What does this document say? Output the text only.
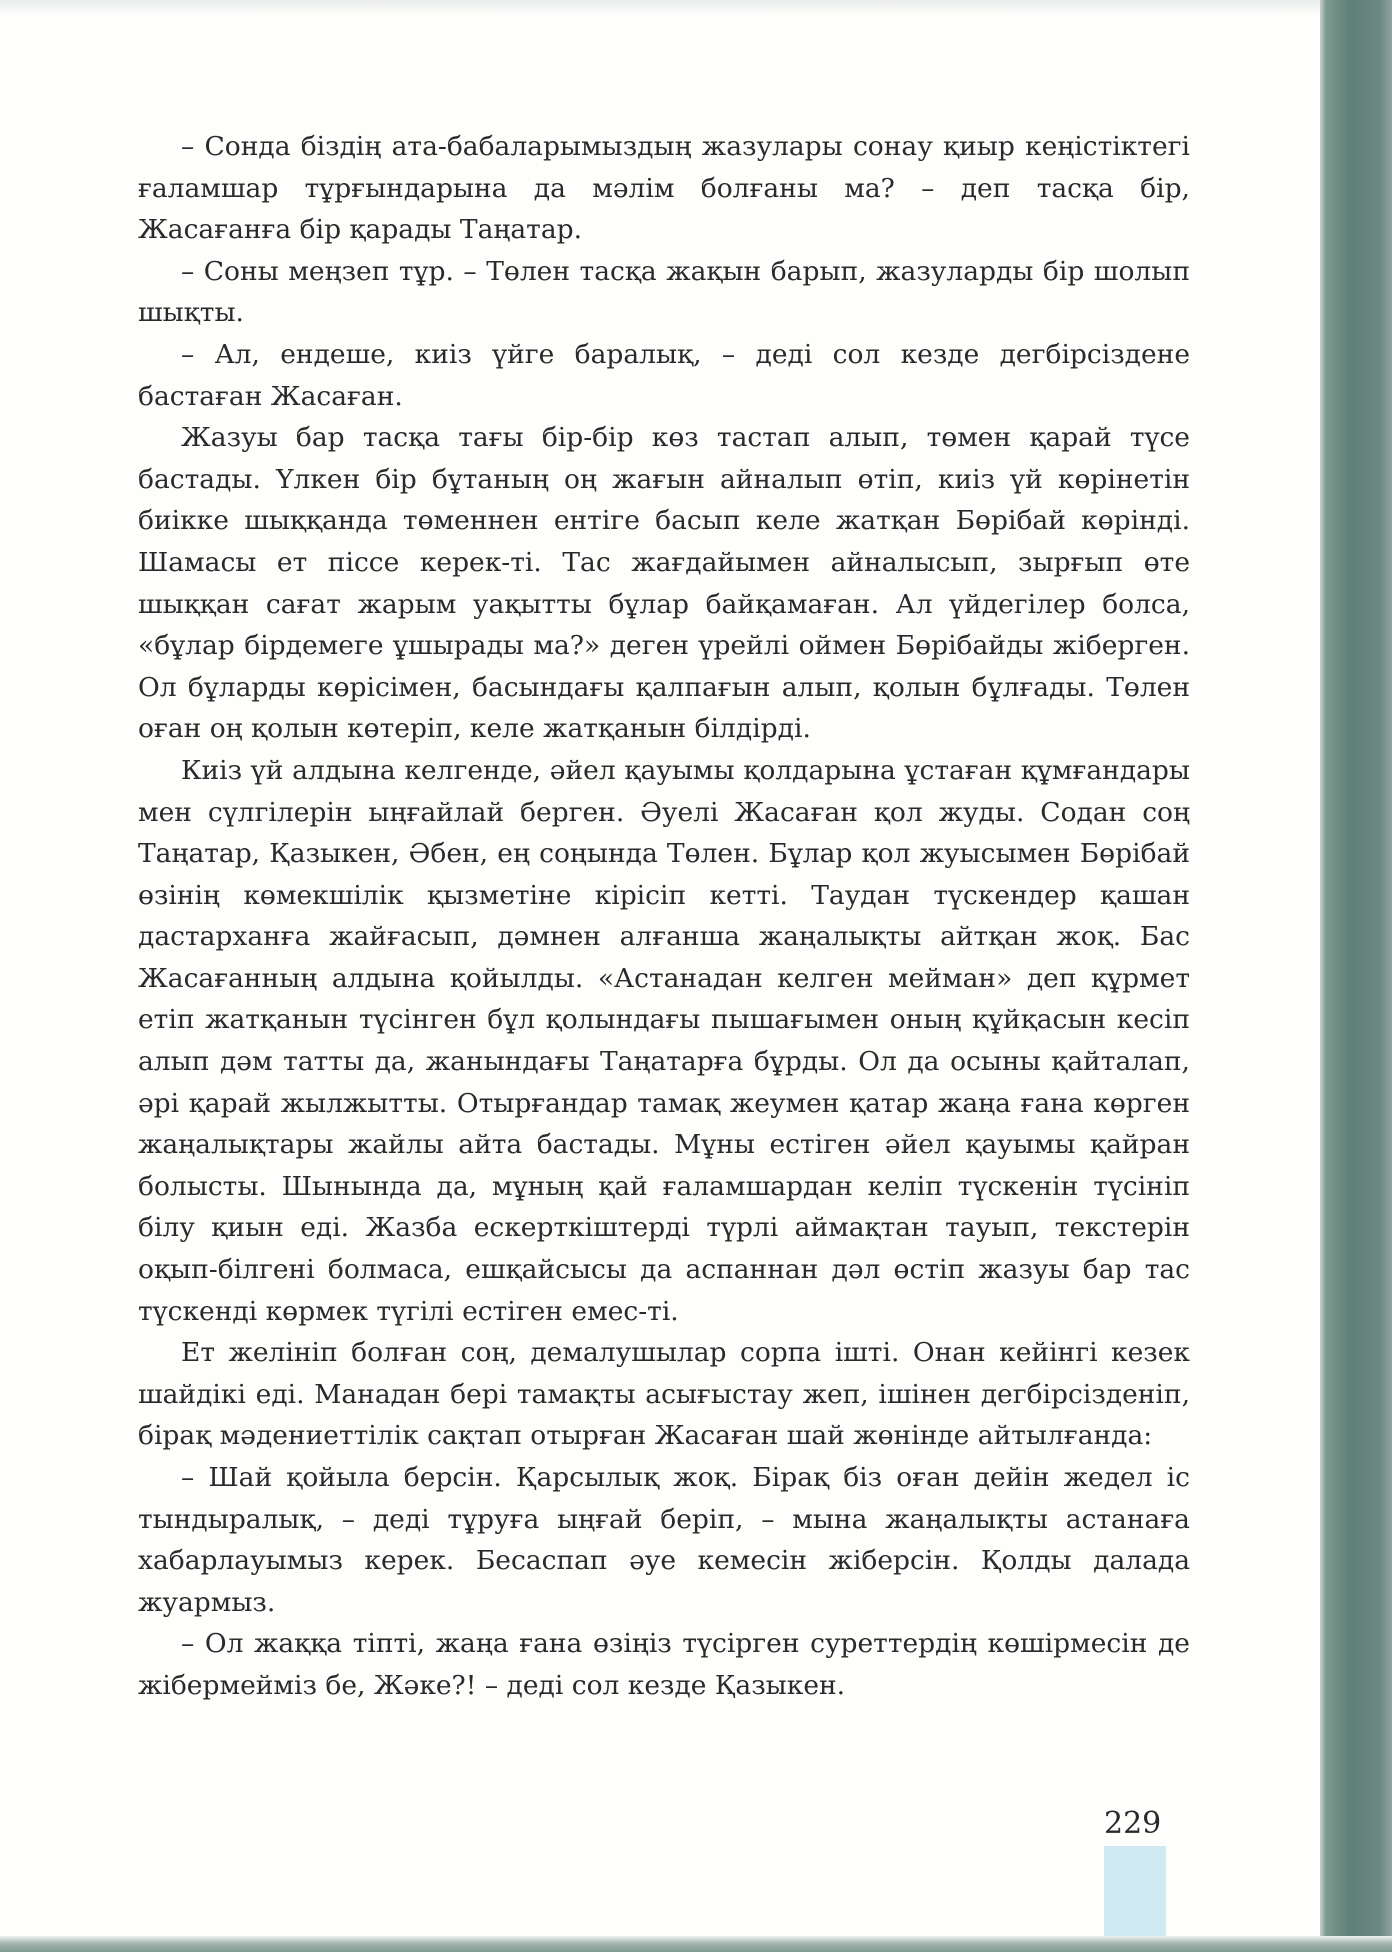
– Сонда біздің ата-бабаларымыздың жазулары сонау қиыр кеңістіктегі ғаламшар тұрғындарына да мәлім болғаны ма? – деп тасқа бір, Жасағанға бір қарады Таңатар.

– Соны меңзеп тұр. – Төлен тасқа жақын барып, жазуларды бір шолып шықты.

– Ал, ендеше, киіз үйге баралық, – деді сол кезде дегбірсіздене бастаған Жасаған.

Жазуы бар тасқа тағы бір-бір көз тастап алып, төмен қарай түсе бастады. Үлкен бір бұтаның оң жағын айналып өтіп, киіз үй көрінетін биікке шыққанда төменнен ентіге басып келе жатқан Бөрібай көрінді. Шамасы ет піссе керек-ті. Тас жағдайымен айналысып, зырғып өте шыққан сағат жарым уақытты бұлар байқамаған. Ал үйдегілер болса, «бұлар бірдемеге ұшырады ма?» деген үрейлі оймен Бөрібайды жіберген. Ол бұларды көрісімен, басындағы қалпағын алып, қолын бұлғады. Төлен оған оң қолын көтеріп, келе жатқанын білдірді.

Киіз үй алдына келгенде, әйел қауымы қолдарына ұстаған құмғандары мен сүлгілерін ыңғайлай берген. Әуелі Жасаған қол жуды. Содан соң Таңатар, Қазыкен, Әбен, ең соңында Төлен. Бұлар қол жуысымен Бөрібай өзінің көмекшілік қызметіне кірісіп кетті. Таудан түскендер қашан дастарханға жайғасып, дәмнен алғанша жаңалықты айтқан жоқ. Бас Жасағанның алдына қойылды. «Астанадан келген мейман» деп құрмет етіп жатқанын түсінген бұл қолындағы пышағымен оның құйқасын кесіп алып дәм татты да, жанындағы Таңатарға бұрды. Ол да осыны қайталап, әрі қарай жылжытты. Отырғандар тамақ жеумен қатар жаңа ғана көрген жаңалықтары жайлы айта бастады. Мұны естіген әйел қауымы қайран болысты. Шынында да, мұның қай ғаламшардан келіп түскенін түсініп білу қиын еді. Жазба ескерткіштерді түрлі аймақтан тауып, текстерін оқып-білгені болмаса, ешқайсысы да аспаннан дәл өстіп жазуы бар тас түскенді көрмек түгілі естіген емес-ті.

Ет желініп болған соң, демалушылар сорпа ішті. Онан кейінгі кезек шайдікі еді. Манадан бері тамақты асығыстау жеп, ішінен дегбірсізденіп, бірақ мәдениеттілік сақтап отырған Жасаған шай жөнінде айтылғанда:

– Шай қойыла берсін. Қарсылық жоқ. Бірақ біз оған дейін жедел іс тындыралық, – деді тұруға ыңғай беріп, – мына жаңалықты астанаға хабарлауымыз керек. Бесаспап әуе кемесін жіберсін. Қолды далада жуармыз.

– Ол жаққа тіпті, жаңа ғана өзіңіз түсірген суреттердің көшірмесін де жібермейміз бе, Жәке?! – деді сол кезде Қазыкен.

229
